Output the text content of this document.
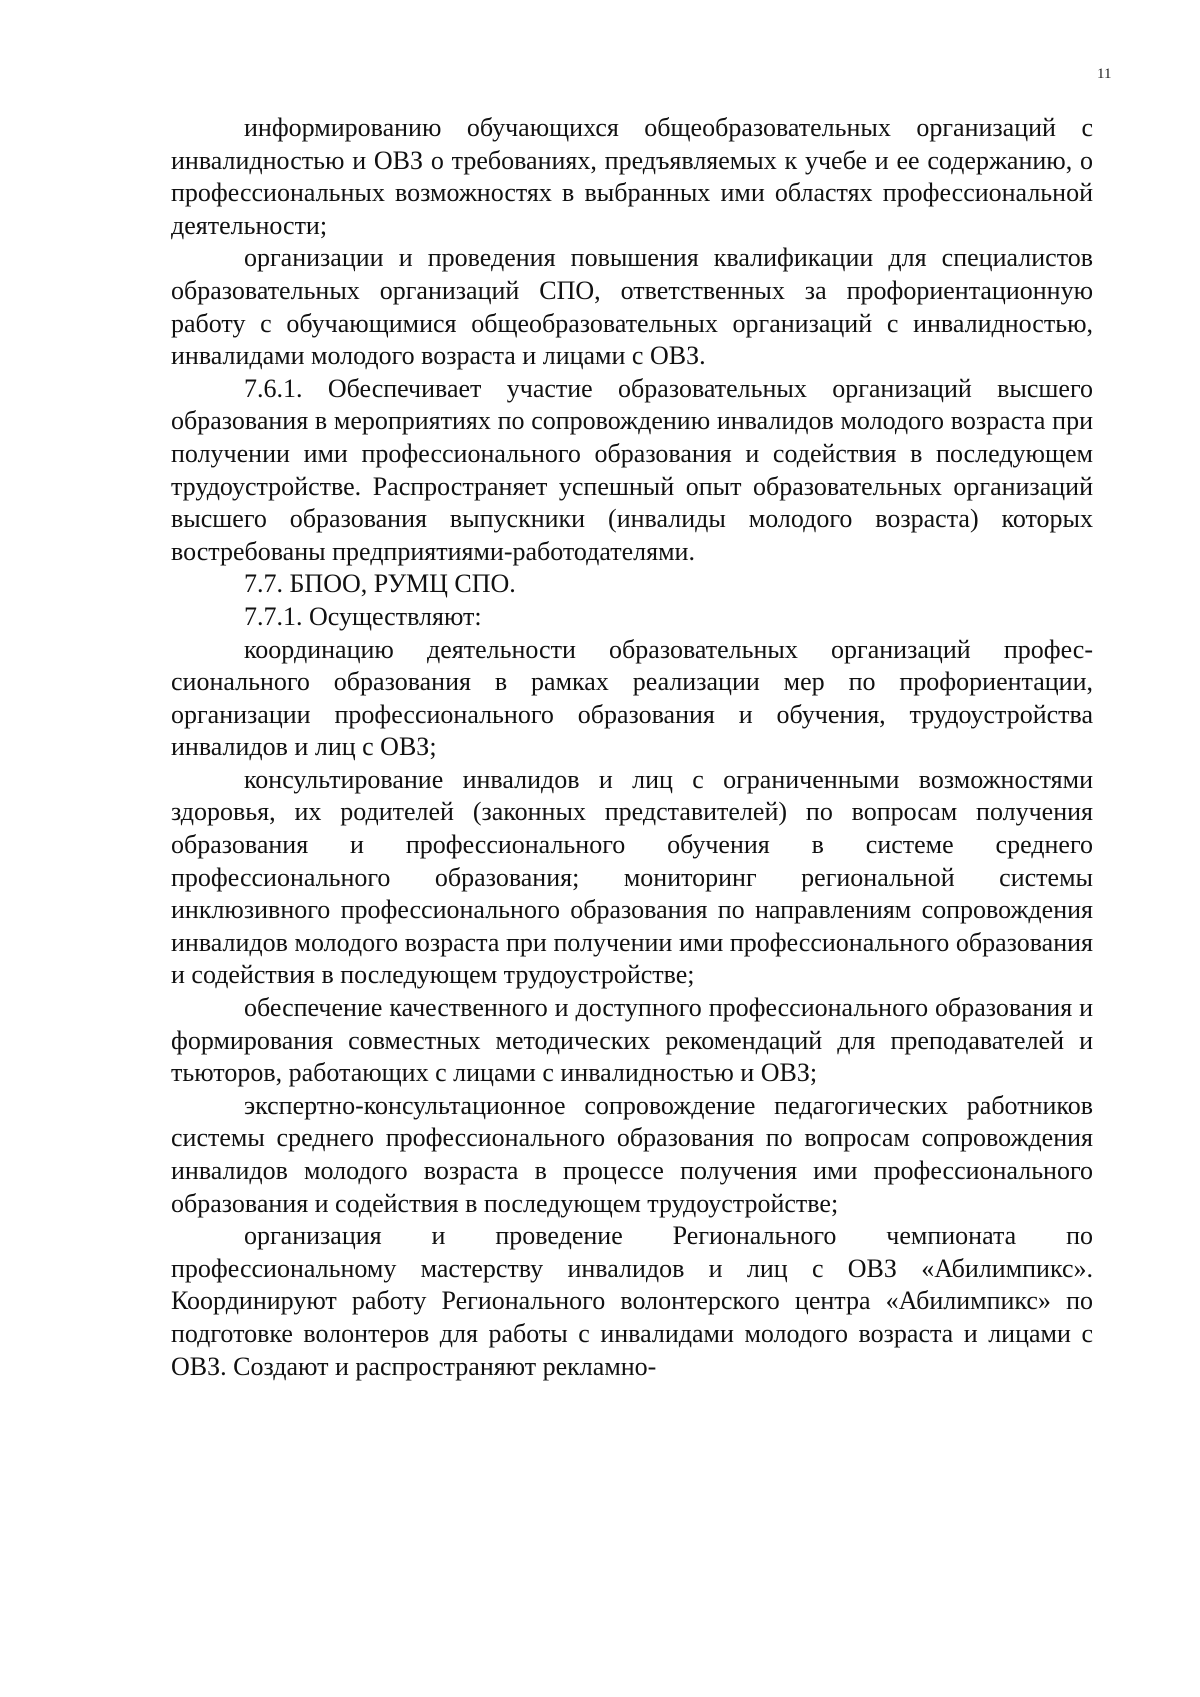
11

информированию обучающихся общеобразовательных организаций с инвалидностью и ОВЗ о требованиях, предъявляемых к учебе и ее содержанию, о профессиональных возможностях в выбранных ими областях профессиональной деятельности;

организации и проведения повышения квалификации для специалистов образовательных организаций СПО, ответственных за профориентационную работу с обучающимися общеобразовательных организаций с инвалидностью, инвалидами молодого возраста и лицами с ОВЗ.

7.6.1. Обеспечивает участие образовательных организаций высшего образования в мероприятиях по сопровождению инвалидов молодого возраста при получении ими профессионального образования и содействия в последующем трудоустройстве. Распространяет успешный опыт образовательных организаций высшего образования выпускники (инвалиды молодого возраста) которых востребованы предприятиями-работодателями.

7.7. БПОО, РУМЦ СПО.

7.7.1. Осуществляют:

координацию деятельности образовательных организаций профес-сионального образования в рамках реализации мер по профориентации, организации профессионального образования и обучения, трудоустройства инвалидов и лиц с ОВЗ;

консультирование инвалидов и лиц с ограниченными возможностями здоровья, их родителей (законных представителей) по вопросам получения образования и профессионального обучения в системе среднего профессионального образования; мониторинг региональной системы инклюзивного профессионального образования по направлениям сопровождения инвалидов молодого возраста при получении ими профессионального образования и содействия в последующем трудоустройстве;

обеспечение качественного и доступного профессионального образования и формирования совместных методических рекомендаций для преподавателей и тьюторов, работающих с лицами с инвалидностью и ОВЗ;

экспертно-консультационное сопровождение педагогических работников системы среднего профессионального образования по вопросам сопровождения инвалидов молодого возраста в процессе получения ими профессионального образования и содействия в последующем трудоустройстве;

организация и проведение Регионального чемпионата по профессиональному мастерству инвалидов и лиц с ОВЗ «Абилимпикс». Координируют работу Регионального волонтерского центра «Абилимпикс» по подготовке волонтеров для работы с инвалидами молодого возраста и лицами с ОВЗ. Создают и распространяют рекламно-
